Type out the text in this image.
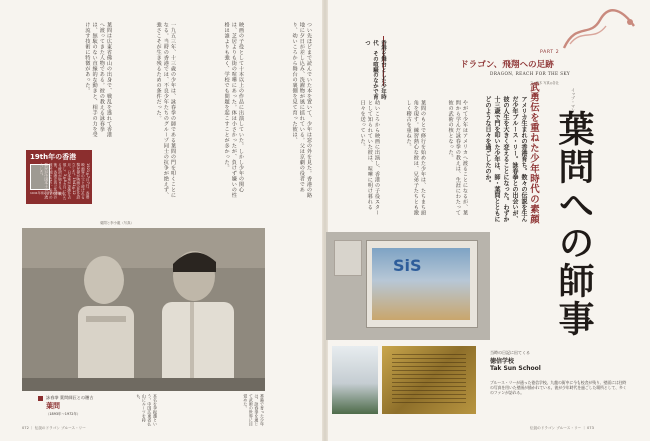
つい先ほどまで読んでいた本を置いて、少年は窓の外を見た。香港の路地に夕日が差し込み、洗濯物が風に揺れている。父は京劇の役者であり、幼いころから舞台の裏側を見て育った彼は、
映画の子役として十本以上の作品に出演していた。しかし少年の関心は、芝居よりも街の喧嘩にあった。体は小さかったが、負けず嫌いの性格は誰よりも強く、学校でも問題を起こすことが多かった。
一九五三年、十三歳の少年は、詠春拳の師である葉問の門を叩くことになる。当時の香港では、不良少年たちのグループ同士の抗争が絶えず、強さこそが生き残るための条件だった。
葉問は広東省佛山の出身で、戦乱を逃れて香港へ渡ってきた人物である。彼の教える詠春拳は、無駄のない直線的な動きと、相手の力を受け流す技術に特徴があった。
19th年の香港
1921年7月7日、香港映画界の父と呼ばれる黎民偉が映画会社を設立した。1941年12月、日本軍が香港を占領し、3年8カ月にわたる統治が始まる。戦後、香港は再び英国の植民地となり、多くの難民が中国本土から流入した。
1941年頃の香港の街並み
葉問と李小龍（写真）
詠春拳 葉問師匠との稽古
葉問
（1893年〜1972年）	本名を李振藩という。中国広東省仏山にルーツを持ち、	香港で育った少年は、詠春拳を通じて武術の世界に目覚めた。
072 ｜ 伝説のドラゴン ブルース・リー
PART 2
ドラゴン、飛翔への足跡
DRAGON, REACH FOR THE SKY
文◎鈴木 写真◎各社
香港を舞台とした少年時代　その喧騒のなかで育つ
幼いころから映画に出演し、香港の子役スターとして知られていた彼は、喧嘩に明け暮れる日々を送っていた。	葉問のもとで修行を始めた少年は、たちまち頭角を現す。練習熱心な彼は、兄弟子たちとも激しく稽古を重ねた。	やがて少年はアメリカへ渡ることになるが、葉問から学んだ詠春拳の教えは、生涯にわたって彼の武術の核となった。	アメリカ生まれの香港育ち。数々の伝説を生んだ少年ブルース・リー。詠春拳との出会いが、彼の人生を大きく変えることになった。わずか十三歳で門を叩いた少年は、師・葉問とともにどのような日々を過ごしたのか。	武勇伝を重ねた少年時代の素顔	イップ・マン
葉問への師事
SiS
当時の日記に出てくる
徳信学校
Tak Sun School
ブルース・リーが通った徳信学校。九龍の街中に今も校舎が残り、壁面には往時の写真を用いた壁画が描かれている。彼が少年時代を過ごした場所として、多くのファンが訪れる。
伝説のドラゴン ブルース・リー ｜ 073
